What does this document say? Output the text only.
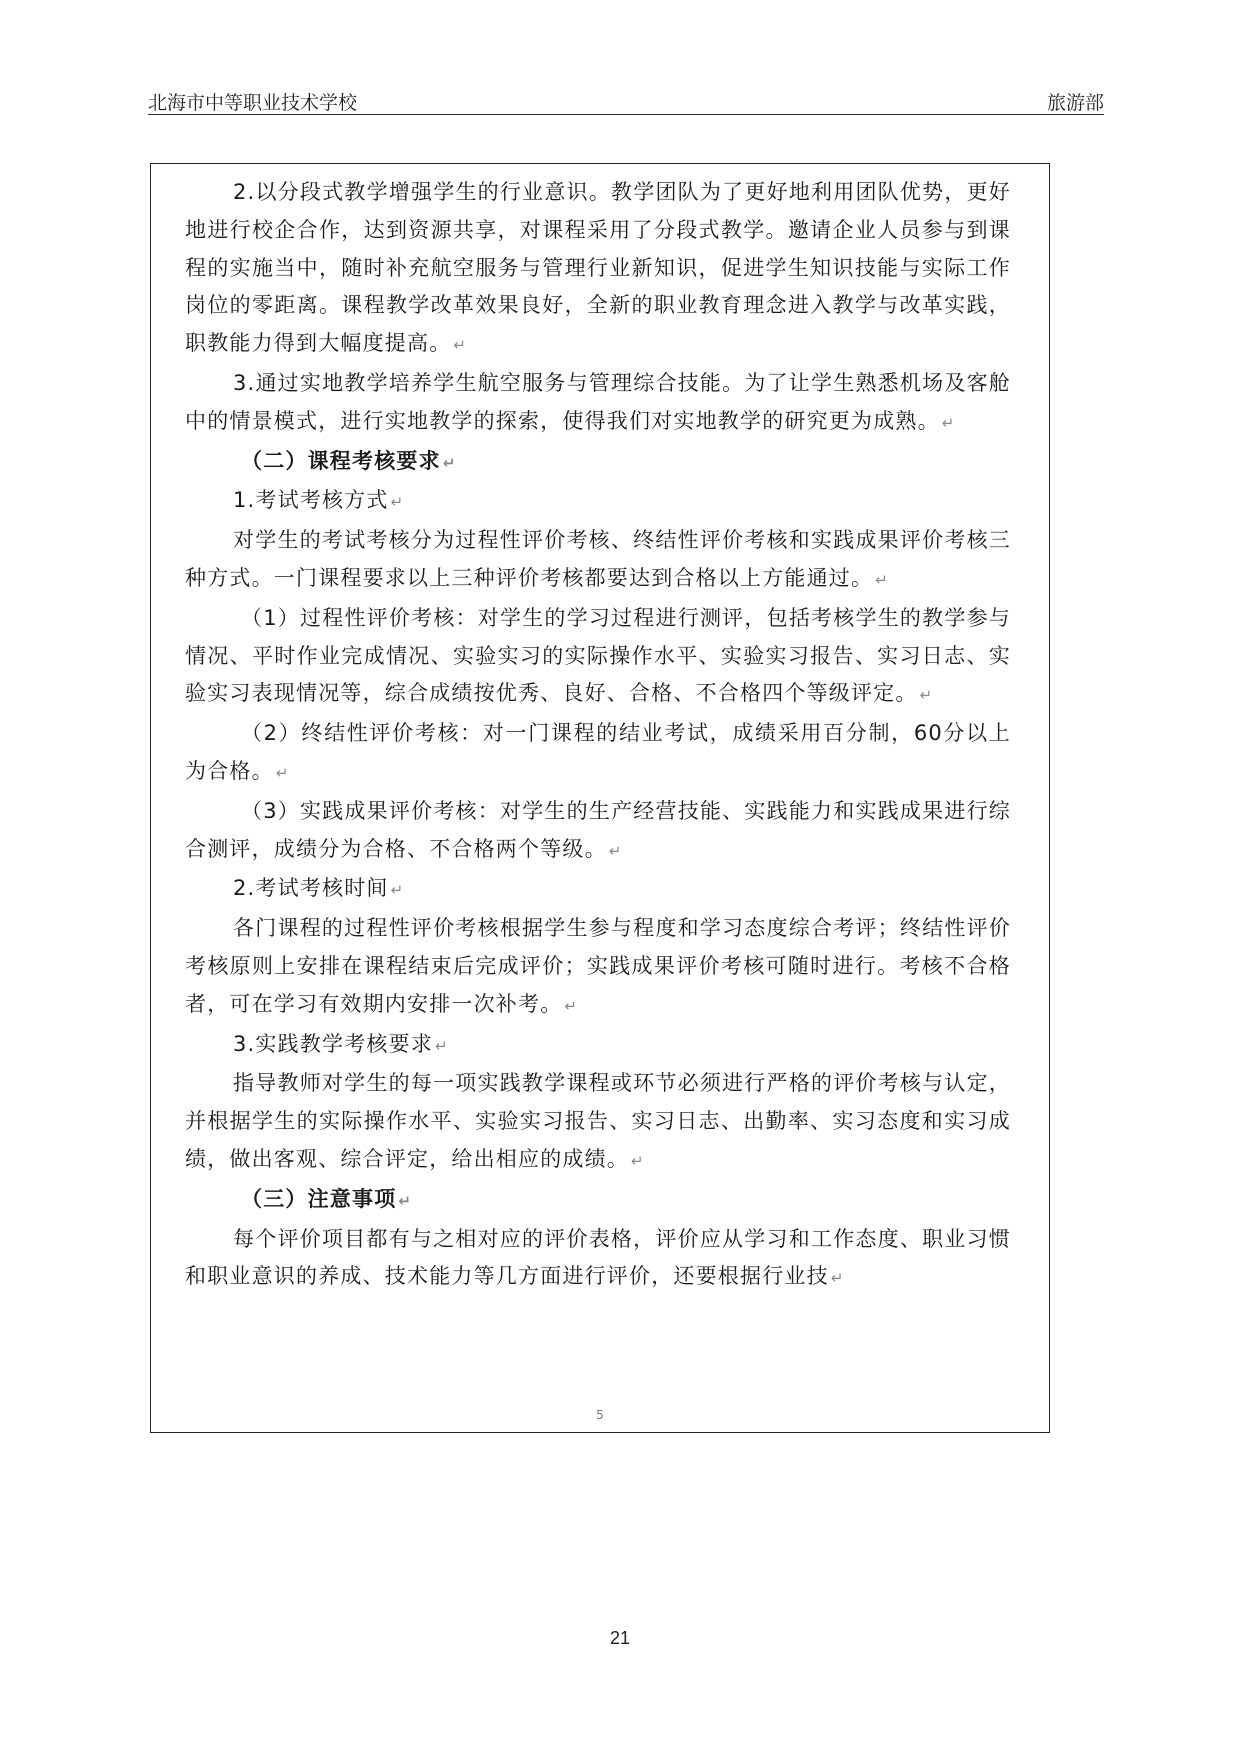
北海市中等职业技术学校	旅游部

2.以分段式教学增强学生的行业意识。教学团队为了更好地利用团队优势，更好地进行校企合作，达到资源共享，对课程采用了分段式教学。邀请企业人员参与到课程的实施当中，随时补充航空服务与管理行业新知识，促进学生知识技能与实际工作岗位的零距离。课程教学改革效果良好，全新的职业教育理念进入教学与改革实践，职教能力得到大幅度提高。 ↵

3.通过实地教学培养学生航空服务与管理综合技能。为了让学生熟悉机场及客舱中的情景模式，进行实地教学的探索，使得我们对实地教学的研究更为成熟。 ↵

（二）课程考核要求 ↵

1.考试考核方式 ↵

对学生的考试考核分为过程性评价考核、终结性评价考核和实践成果评价考核三种方式。一门课程要求以上三种评价考核都要达到合格以上方能通过。 ↵

（1）过程性评价考核：对学生的学习过程进行测评，包括考核学生的教学参与情况、平时作业完成情况、实验实习的实际操作水平、实验实习报告、实习日志、实验实习表现情况等，综合成绩按优秀、良好、合格、不合格四个等级评定。 ↵

（2）终结性评价考核：对一门课程的结业考试，成绩采用百分制，60分以上为合格。 ↵

（3）实践成果评价考核：对学生的生产经营技能、实践能力和实践成果进行综合测评，成绩分为合格、不合格两个等级。 ↵

2.考试考核时间 ↵

各门课程的过程性评价考核根据学生参与程度和学习态度综合考评；终结性评价考核原则上安排在课程结束后完成评价；实践成果评价考核可随时进行。考核不合格者，可在学习有效期内安排一次补考。 ↵

3.实践教学考核要求 ↵

指导教师对学生的每一项实践教学课程或环节必须进行严格的评价考核与认定，并根据学生的实际操作水平、实验实习报告、实习日志、出勤率、实习态度和实习成绩，做出客观、综合评定，给出相应的成绩。 ↵

（三）注意事项 ↵

每个评价项目都有与之相对应的评价表格，评价应从学习和工作态度、职业习惯和职业意识的养成、技术能力等几方面进行评价，还要根据行业技 ↵

5
21
